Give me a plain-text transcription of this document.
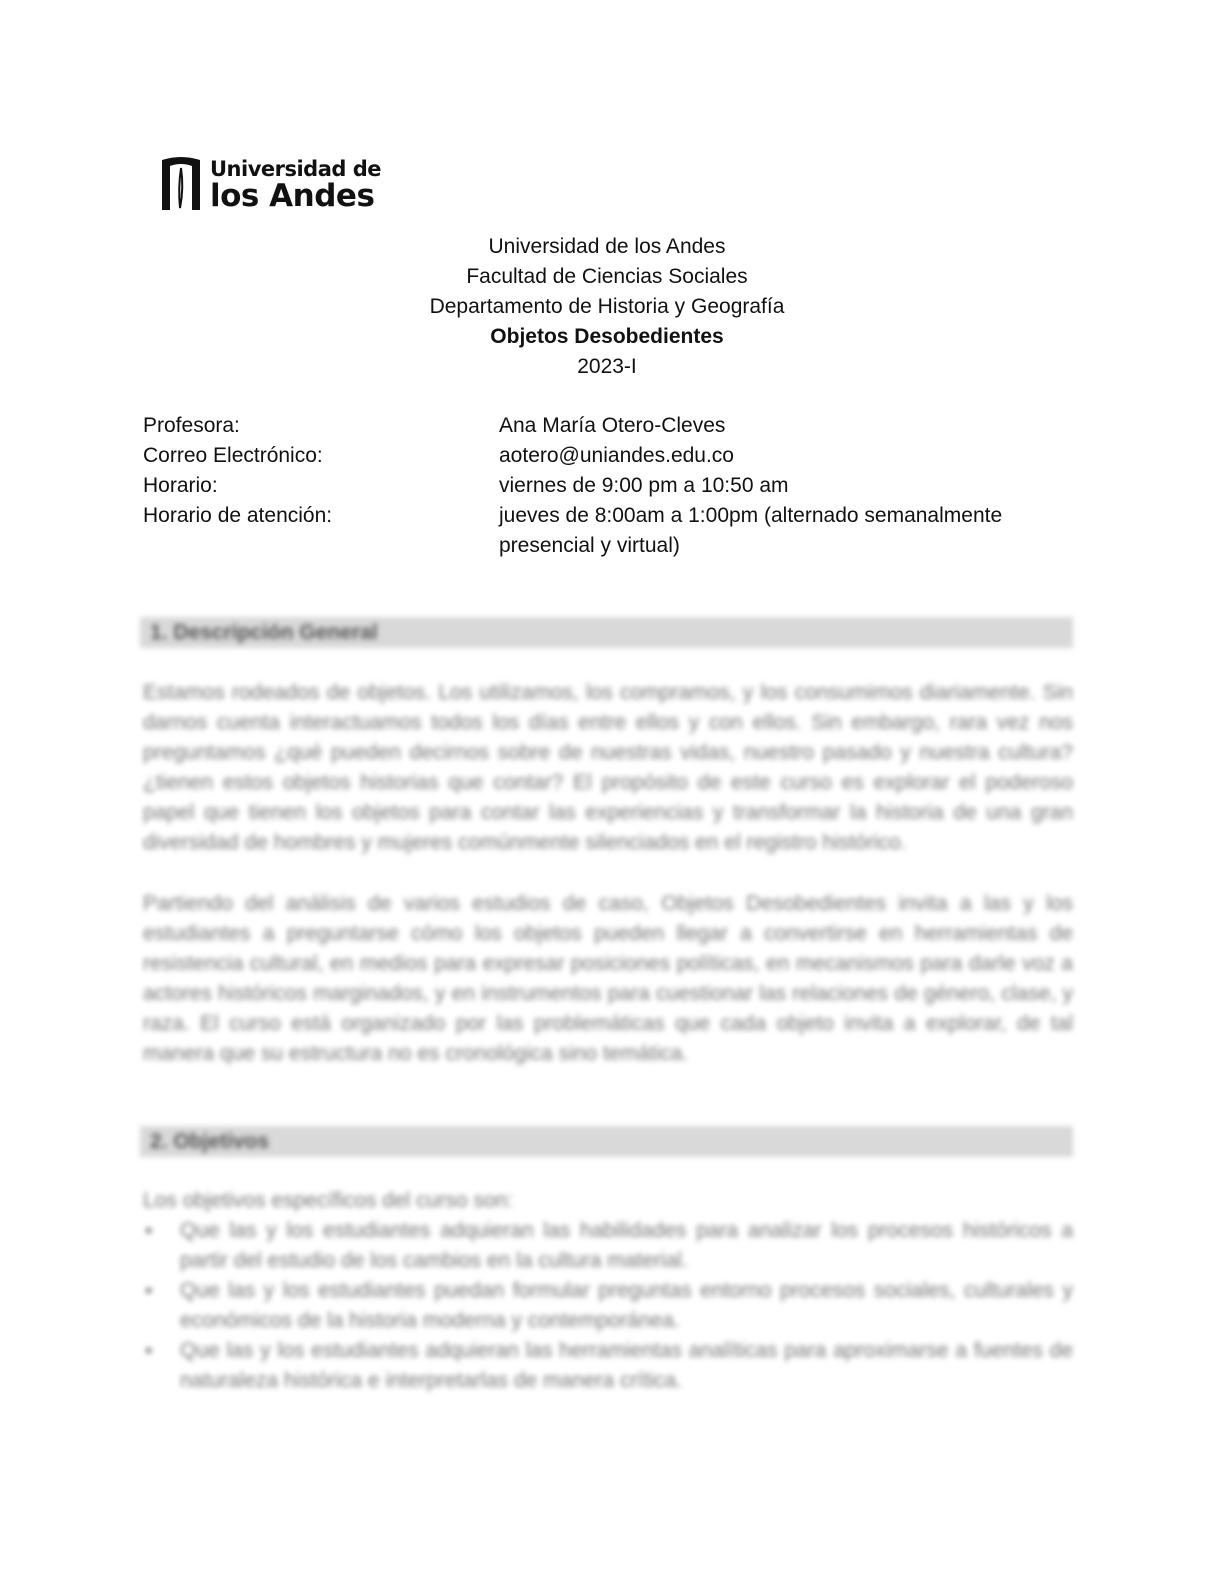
Universidad de
los Andes
Universidad de los Andes
Facultad de Ciencias Sociales
Departamento de Historia y Geografía
Objetos Desobedientes
2023-I
Profesora:	Ana María Otero-Cleves
Correo Electrónico:	aotero@uniandes.edu.co
Horario:	viernes de 9:00 pm a 10:50 am
Horario de atención:	jueves de 8:00am a 1:00pm (alternado semanalmente presencial y virtual)
1. Descripción General
Estamos rodeados de objetos. Los utilizamos, los compramos, y los consumimos diariamente. Sin darnos cuenta interactuamos todos los días entre ellos y con ellos. Sin embargo, rara vez nos preguntamos ¿qué pueden decirnos sobre de nuestras vidas, nuestro pasado y nuestra cultura? ¿tienen estos objetos historias que contar? El propósito de este curso es explorar el poderoso papel que tienen los objetos para contar las experiencias y transformar la historia de una gran diversidad de hombres y mujeres comúnmente silenciados en el registro histórico.
Partiendo del análisis de varios estudios de caso, Objetos Desobedientes invita a las y los estudiantes a preguntarse cómo los objetos pueden llegar a convertirse en herramientas de resistencia cultural, en medios para expresar posiciones políticas, en mecanismos para darle voz a actores históricos marginados, y en instrumentos para cuestionar las relaciones de género, clase, y raza. El curso está organizado por las problemáticas que cada objeto invita a explorar, de tal manera que su estructura no es cronológica sino temática.
2. Objetivos
Los objetivos específicos del curso son:
▪ Que las y los estudiantes adquieran las habilidades para analizar los procesos históricos a partir del estudio de los cambios en la cultura material.
▪ Que las y los estudiantes puedan formular preguntas entorno procesos sociales, culturales y económicos de la historia moderna y contemporánea.
▪ Que las y los estudiantes adquieran las herramientas analíticas para aproximarse a fuentes de naturaleza histórica e interpretarlas de manera crítica.
